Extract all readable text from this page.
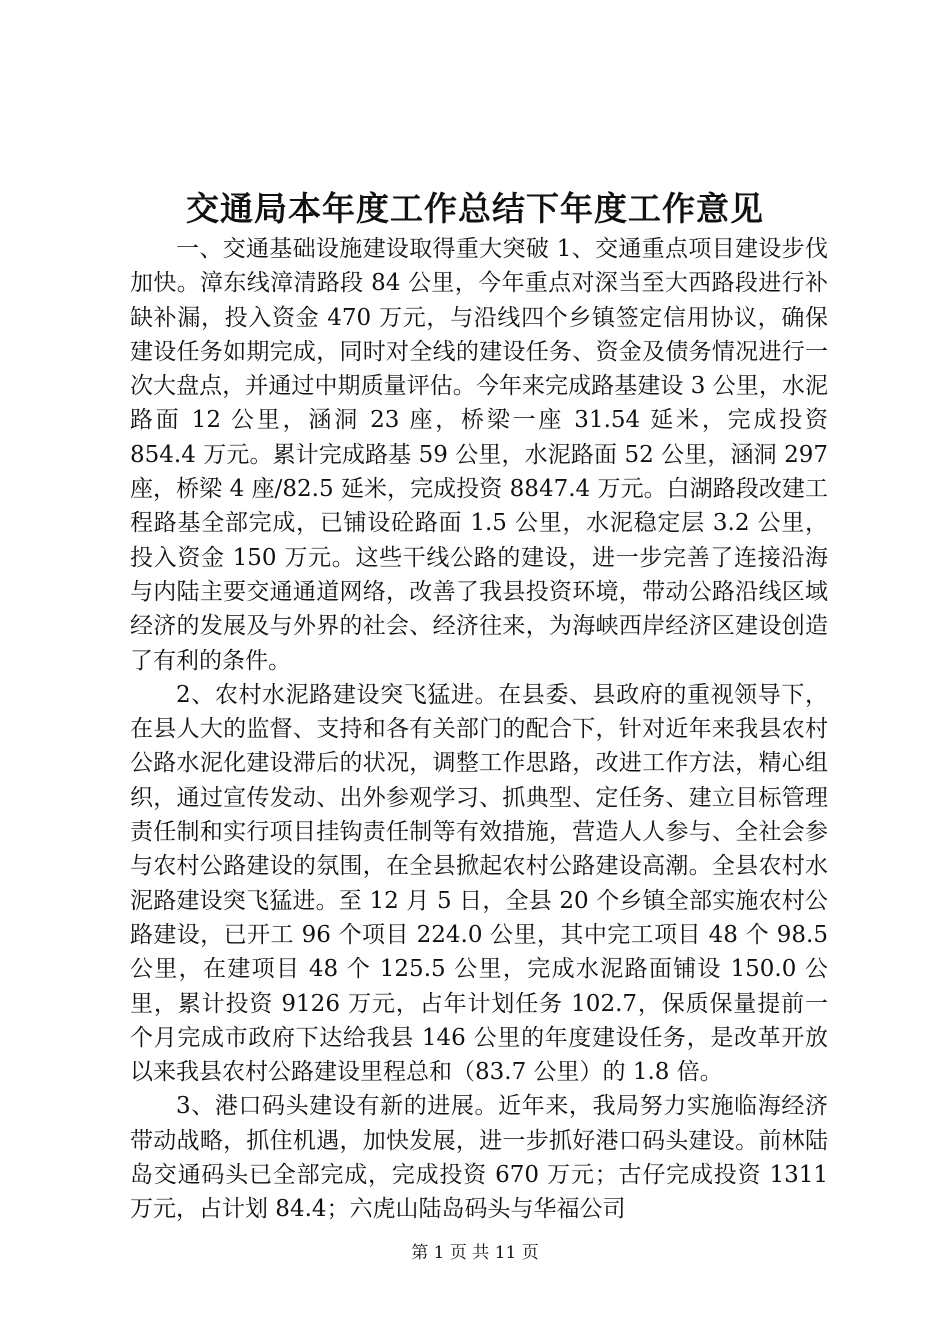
交通局本年度工作总结下年度工作意见

一、交通基础设施建设取得重大突破 1、交通重点项目建设步伐加快。漳东线漳清路段 84 公里，今年重点对深当至大西路段进行补缺补漏，投入资金 470 万元，与沿线四个乡镇签定信用协议，确保建设任务如期完成，同时对全线的建设任务、资金及债务情况进行一次大盘点，并通过中期质量评估。今年来完成路基建设 3 公里，水泥路面 12 公里，涵洞 23 座，桥梁一座 31.54 延米，完成投资 854.4 万元。累计完成路基 59 公里，水泥路面 52 公里，涵洞 297 座，桥梁 4 座/82.5 延米，完成投资 8847.4 万元。白湖路段改建工程路基全部完成，已铺设砼路面 1.5 公里，水泥稳定层 3.2 公里，投入资金 150 万元。这些干线公路的建设，进一步完善了连接沿海与内陆主要交通通道网络，改善了我县投资环境，带动公路沿线区域经济的发展及与外界的社会、经济往来，为海峡西岸经济区建设创造了有利的条件。

2、农村水泥路建设突飞猛进。在县委、县政府的重视领导下，在县人大的监督、支持和各有关部门的配合下，针对近年来我县农村公路水泥化建设滞后的状况，调整工作思路，改进工作方法，精心组织，通过宣传发动、出外参观学习、抓典型、定任务、建立目标管理责任制和实行项目挂钩责任制等有效措施，营造人人参与、全社会参与农村公路建设的氛围，在全县掀起农村公路建设高潮。全县农村水泥路建设突飞猛进。至 12 月 5 日，全县 20 个乡镇全部实施农村公路建设，已开工 96 个项目 224.0 公里，其中完工项目 48 个 98.5 公里，在建项目 48 个 125.5 公里，完成水泥路面铺设 150.0 公里，累计投资 9126 万元，占年计划任务 102.7，保质保量提前一个月完成市政府下达给我县 146 公里的年度建设任务，是改革开放以来我县农村公路建设里程总和（83.7 公里）的 1.8 倍。

3、港口码头建设有新的进展。近年来，我局努力实施临海经济带动战略，抓住机遇，加快发展，进一步抓好港口码头建设。前林陆岛交通码头已全部完成，完成投资 670 万元；古仔完成投资 1311 万元，占计划 84.4；六虎山陆岛码头与华福公司

第 1 页 共 11 页
